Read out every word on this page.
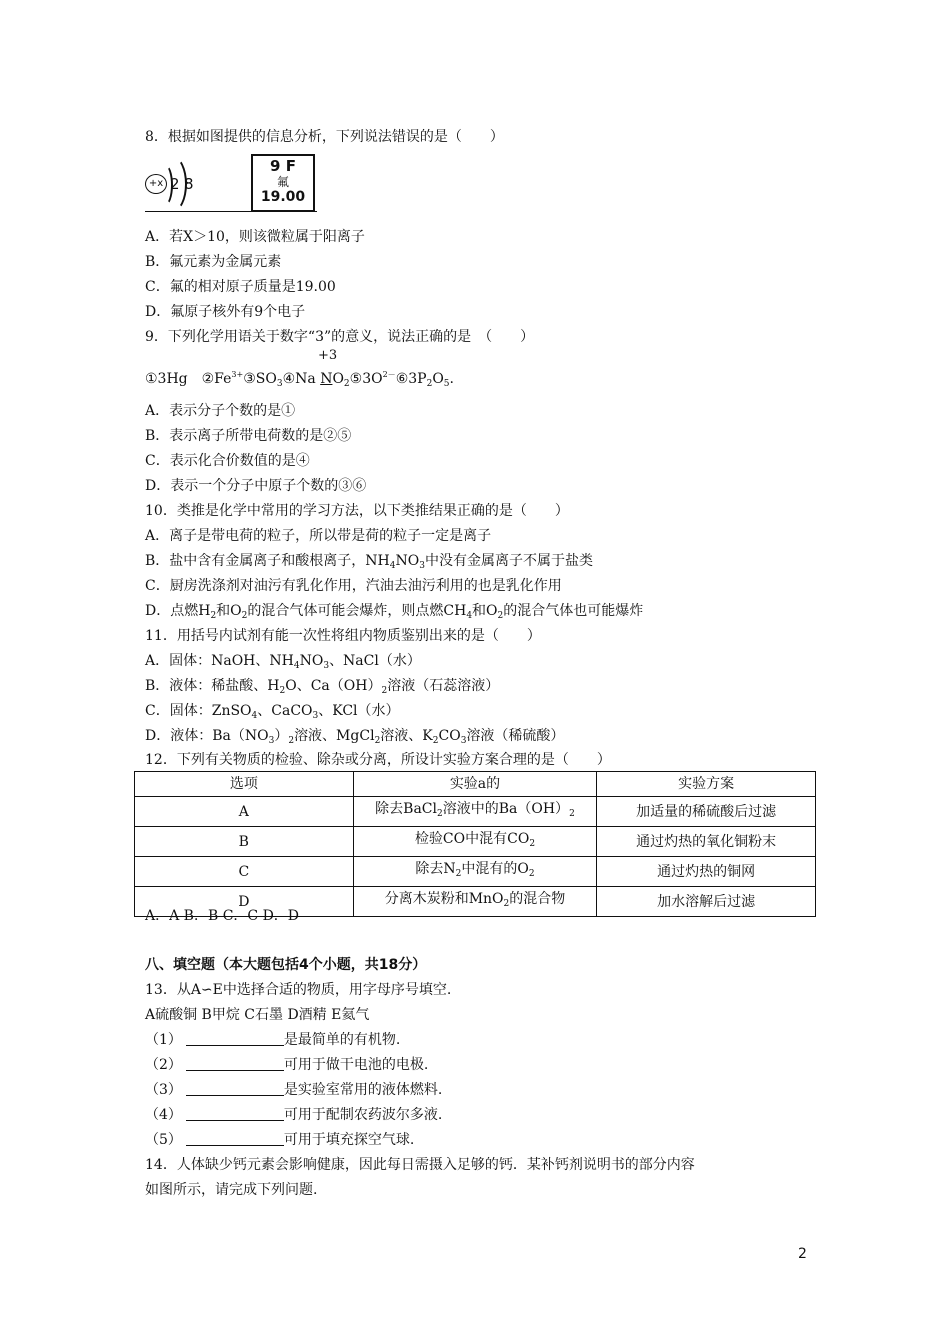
8．根据如图提供的信息分析，下列说法错误的是（　　）
+x 2 8
9 F
氟
19.00
A．若X＞10，则该微粒属于阳离子
B．氟元素为金属元素
C．氟的相对原子质量是19.00
D．氟原子核外有9个电子
9．下列化学用语关于数字“3”的意义，说法正确的是　（　　）
+3
①3Hg　$②Fe^{3+}③SO_3④Na$ $NO_2⑤3O^{2-}⑥3P_2O_5$.
A．表示分子个数的是①
B．表示离子所带电荷数的是②⑤
C．表示化合价数值的是④
D．表示一个分子中原子个数的③⑥
10．类推是化学中常用的学习方法，以下类推结果正确的是（　　）
A．离子是带电荷的粒子，所以带是荷的粒子一定是离子
B．盐中含有金属离子和酸根离子，$NH_4NO_3$中没有金属离子不属于盐类
C．厨房洗涤剂对油污有乳化作用，汽油去油污利用的也是乳化作用
D．点燃$H_2$和$O_2$的混合气体可能会爆炸，则点燃$CH_4$和$O_2$的混合气体也可能爆炸
11．用括号内试剂有能一次性将组内物质鉴别出来的是（　　）
A．固体：NaOH、$NH_4NO_3$、NaCl（水）
B．液体：稀盐酸、$H_2O$、$Ca(OH)_2$溶液（石蕊溶液）
C．固体：ZnSO$_4$、CaCO$_3$、KCl（水）
D．液体：$Ba(NO_3)_2$溶液、MgCl$_2$溶液、$K_2CO_3$溶液（稀硫酸）
12．下列有关物质的检验、除杂或分离，所设计实验方案合理的是（　　）
选项	实验a的	实验方案
A	除去BaCl$_2$溶液中的$Ba(OH)_2$	加适量的稀硫酸后过滤
B	检验CO中混有$CO_2$	通过灼热的氧化铜粉末
C	除去$N_2$中混有的$O_2$	通过灼热的铜网
D	分离木炭粉和MnO$_2$的混合物	加水溶解后过滤
A．A B．B C．C D．D
八、填空题（本大题包括4个小题，共18分）
13．从A∽E中选择合适的物质，用字母序号填空.
A硫酸铜 B甲烷 C石墨 D酒精 E氦气
（1）	是最简单的有机物.
（2）	可用于做干电池的电极.
（3）	是实验室常用的液体燃料.
（4）	可用于配制农药波尔多液.
（5）	可用于填充探空气球.
14．人体缺少钙元素会影响健康，因此每日需摄入足够的钙．某补钙剂说明书的部分内容
如图所示，请完成下列问题.
2
